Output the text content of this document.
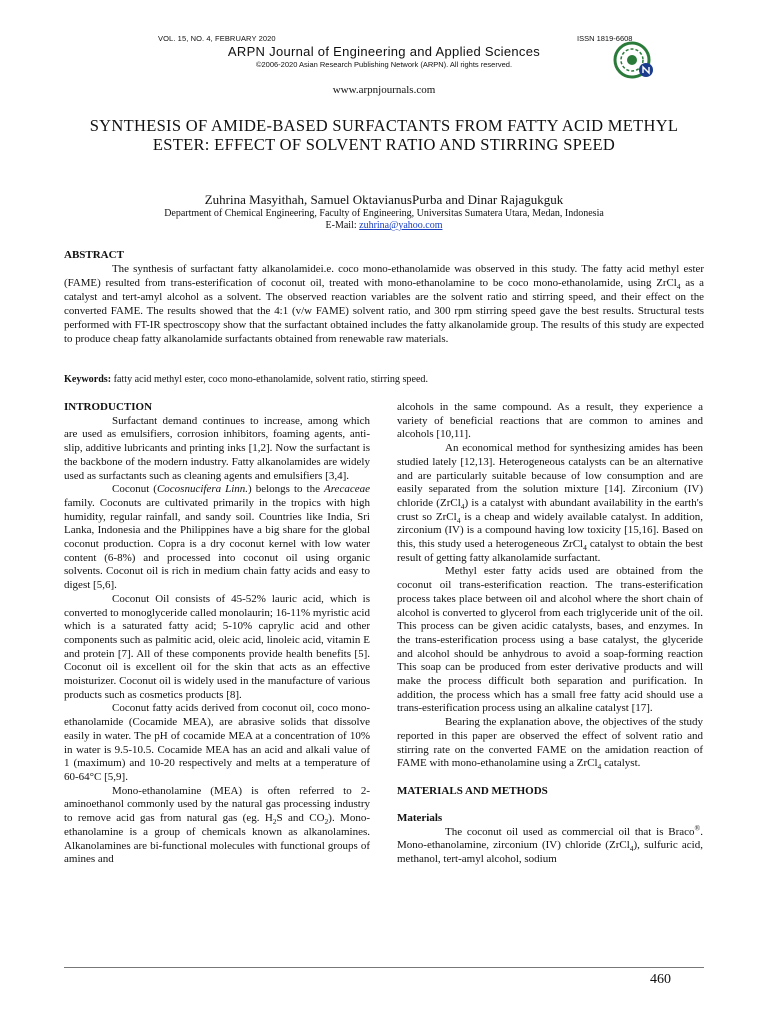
VOL. 15, NO. 4, FEBRUARY 2020	ISSN 1819-6608
ARPN Journal of Engineering and Applied Sciences
©2006-2020 Asian Research Publishing Network (ARPN). All rights reserved.
www.arpnjournals.com
SYNTHESIS OF AMIDE-BASED SURFACTANTS FROM FATTY ACID METHYL ESTER: EFFECT OF SOLVENT RATIO AND STIRRING SPEED
Zuhrina Masyithah, Samuel OktavianusPurba and Dinar Rajagukguk
Department of Chemical Engineering, Faculty of Engineering, Universitas Sumatera Utara, Medan, Indonesia
E-Mail: zuhrina@yahoo.com
ABSTRACT

The synthesis of surfactant fatty alkanolamidei.e. coco mono-ethanolamide was observed in this study. The fatty acid methyl ester (FAME) resulted from trans-esterification of coconut oil, treated with mono-ethanolamine to be coco mono-ethanolamide, using ZrCl$_4$ as a catalyst and tert-amyl alcohol as a solvent. The observed reaction variables are the solvent ratio and stirring speed, and their effect on the converted FAME. The results showed that the 4:1 (v/w FAME) solvent ratio, and 300 rpm stirring speed gave the best results. Structural tests performed with FT-IR spectroscopy show that the surfactant obtained includes the fatty alkanolamide group. The results of this study are expected to produce cheap fatty alkanolamide surfactants obtained from renewable raw materials.

Keywords: fatty acid methyl ester, coco mono-ethanolamide, solvent ratio, stirring speed.

INTRODUCTION

Surfactant demand continues to increase, among which are used as emulsifiers, corrosion inhibitors, foaming agents, anti-slip, additive lubricants and printing inks [1,2]. Now the surfactant is the backbone of the modern industry. Fatty alkanolamides are widely used as surfactants such as cleaning agents and emulsifiers [3,4].

Coconut (Cocosnucifera Linn.) belongs to the Arecaceae family. Coconuts are cultivated primarily in the tropics with high humidity, regular rainfall, and sandy soil. Countries like India, Sri Lanka, Indonesia and the Philippines have a big share for the global coconut production. Copra is a dry coconut kernel with low water content (6-8%) and processed into coconut oil using organic solvents. Coconut oil is rich in medium chain fatty acids and easy to digest [5,6].

Coconut Oil consists of 45-52% lauric acid, which is converted to monoglyceride called monolaurin; 16-11% myristic acid which is a saturated fatty acid; 5-10% caprylic acid and other components such as palmitic acid, oleic acid, linoleic acid, vitamin E and protein [7]. All of these components provide health benefits [5]. Coconut oil is excellent oil for the skin that acts as an effective moisturizer. Coconut oil is widely used in the manufacture of various products such as cosmetics products [8].

Coconut fatty acids derived from coconut oil, coco mono-ethanolamide (Cocamide MEA), are abrasive solids that dissolve easily in water. The pH of cocamide MEA at a concentration of 10% in water is 9.5-10.5. Cocamide MEA has an acid and alkali value of 1 (maximum) and 10-20 respectively and melts at a temperature of 60-64°C [5,9].

Mono-ethanolamine (MEA) is often referred to 2-aminoethanol commonly used by the natural gas processing industry to remove acid gas from natural gas (eg. $H_2S$ and $CO_2$). Mono-ethanolamine is a group of chemicals known as alkanolamines. Alkanolamines are bi-functional molecules with functional groups of amines and

alcohols in the same compound. As a result, they experience a variety of beneficial reactions that are common to amines and alcohols [10,11].

An economical method for synthesizing amides has been studied lately [12,13]. Heterogeneous catalysts can be an alternative and are particularly suitable because of low consumption and are easily separated from the solution mixture [14]. Zirconium (IV) chloride (ZrCl$_4$) is a catalyst with abundant availability in the earth's crust so ZrCl$_4$ is a cheap and widely available catalyst. In addition, zirconium (IV) is a compound having low toxicity [15,16]. Based on this, this study used a heterogeneous ZrCl$_4$ catalyst to obtain the best result of getting fatty alkanolamide surfactant.

Methyl ester fatty acids used are obtained from the coconut oil trans-esterification reaction. The trans-esterification process takes place between oil and alcohol where the short chain of alcohol is converted to glycerol from each triglyceride unit of the oil. This process can be given acidic catalysts, bases, and enzymes. In the trans-esterification process using a base catalyst, the glyceride and alcohol should be anhydrous to avoid a soap-forming reaction This soap can be produced from ester derivative products and will make the process difficult both separation and purification. In addition, the process which has a small free fatty acid should use a trans-esterification process using an alkaline catalyst [17].

Bearing the explanation above, the objectives of the study reported in this paper are observed the effect of solvent ratio and stirring rate on the converted FAME on the amidation reaction of FAME with mono-ethanolamine using a ZrCl$_4$ catalyst.

MATERIALS AND METHODS

Materials

The coconut oil used as commercial oil that is Braco®. Mono-ethanolamine, zirconium (IV) chloride (ZrCl$_4$), sulfuric acid, methanol, tert-amyl alcohol, sodium

460
